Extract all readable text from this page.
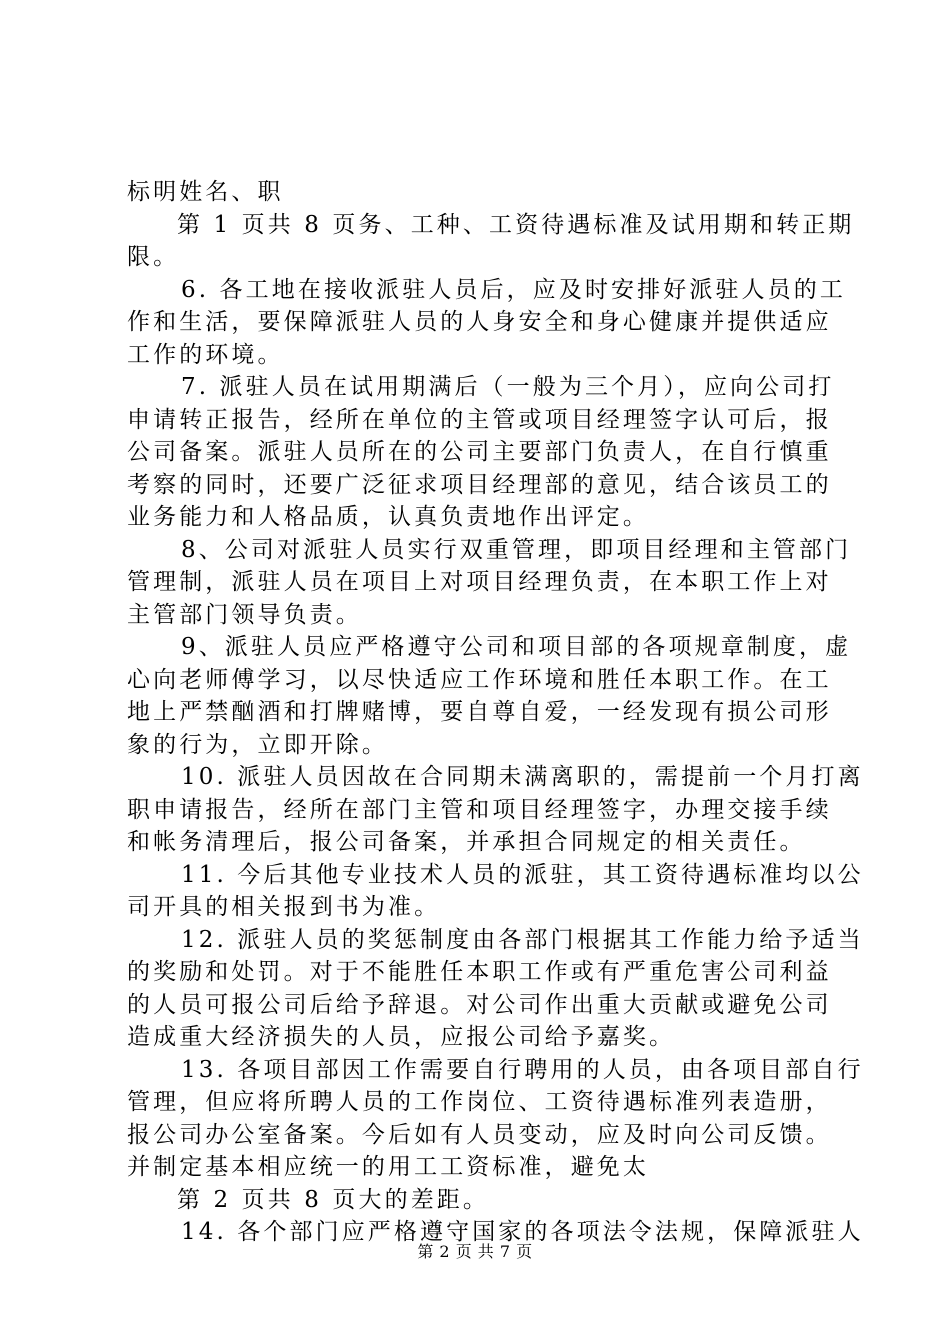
标明姓名、职
第 1 页共 8 页务、工种、工资待遇标准及试用期和转正期
限。
6. 各工地在接收派驻人员后，应及时安排好派驻人员的工
作和生活，要保障派驻人员的人身安全和身心健康并提供适应
工作的环境。
7. 派驻人员在试用期满后（一般为三个月），应向公司打
申请转正报告，经所在单位的主管或项目经理签字认可后，报
公司备案。派驻人员所在的公司主要部门负责人，在自行慎重
考察的同时，还要广泛征求项目经理部的意见，结合该员工的
业务能力和人格品质，认真负责地作出评定。
8、公司对派驻人员实行双重管理，即项目经理和主管部门
管理制，派驻人员在项目上对项目经理负责，在本职工作上对
主管部门领导负责。
9、派驻人员应严格遵守公司和项目部的各项规章制度，虚
心向老师傅学习，以尽快适应工作环境和胜任本职工作。在工
地上严禁酗酒和打牌赌博，要自尊自爱，一经发现有损公司形
象的行为，立即开除。
10. 派驻人员因故在合同期未满离职的，需提前一个月打离
职申请报告，经所在部门主管和项目经理签字，办理交接手续
和帐务清理后，报公司备案，并承担合同规定的相关责任。
11. 今后其他专业技术人员的派驻，其工资待遇标准均以公
司开具的相关报到书为准。
12. 派驻人员的奖惩制度由各部门根据其工作能力给予适当
的奖励和处罚。对于不能胜任本职工作或有严重危害公司利益
的人员可报公司后给予辞退。对公司作出重大贡献或避免公司
造成重大经济损失的人员，应报公司给予嘉奖。
13. 各项目部因工作需要自行聘用的人员，由各项目部自行
管理，但应将所聘人员的工作岗位、工资待遇标准列表造册，
报公司办公室备案。今后如有人员变动，应及时向公司反馈。
并制定基本相应统一的用工工资标准，避免太
第 2 页共 8 页大的差距。
14. 各个部门应严格遵守国家的各项法令法规，保障派驻人
第 2 页 共 7 页
